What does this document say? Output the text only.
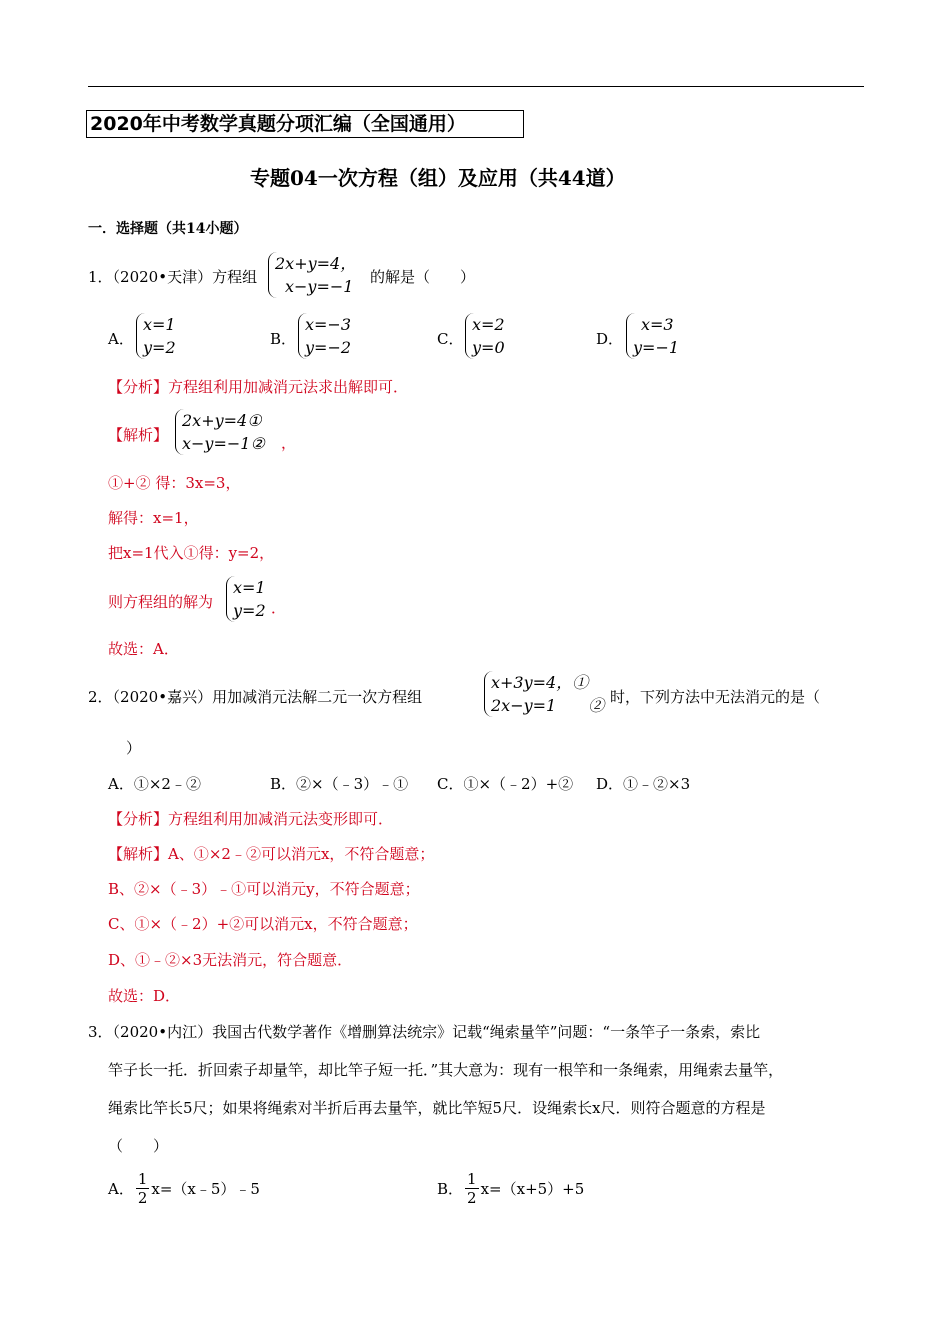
2020年中考数学真题分项汇编（全国通用）
专题04一次方程（组）及应用（共44道）
一．选择题（共14小题）
1．（2020•天津）方程组
2x+y=4，
x−y=−1 的解是（　　）
A．
x=1
y=2	B．
x=−3
y=−2	C．
x=2
y=0	D．
x=3
y=−1
【分析】方程组利用加减消元法求出解即可．
【解析】
2x+y=4①
x−y=−1② ，
①+② 得：3x=3，
解得：x=1，
把x=1代入①得：y=2，
则方程组的解为
x=1
y=2 ．
故选：A．
2．（2020•嘉兴）用加减消元法解二元一次方程组
x+3y=4，①
2x−y=1　　② 时，下列方法中无法消元的是（
）
A．①×2﹣②	B．②×（﹣3）﹣① C．①×（﹣2）+② D．①﹣②×3
【分析】方程组利用加减消元法变形即可．
【解析】A、①×2﹣②可以消元x，不符合题意；
B、②×（﹣3）﹣①可以消元y，不符合题意；
C、①×（﹣2）+②可以消元x，不符合题意；
D、①﹣②×3无法消元，符合题意．
故选：D．
3．（2020•内江）我国古代数学著作《增删算法统宗》记载“绳索量竿”问题：“一条竿子一条索，索比
竿子长一托．折回索子却量竿，却比竿子短一托．”其大意为：现有一根竿和一条绳索，用绳索去量竿，
绳索比竿长5尺；如果将绳索对半折后再去量竿，就比竿短5尺．设绳索长x尺．则符合题意的方程是
（　　）
A． $\frac{1}{2}$ x=（x﹣5）﹣5	B． $\frac{1}{2} x=(x+5)+5$
